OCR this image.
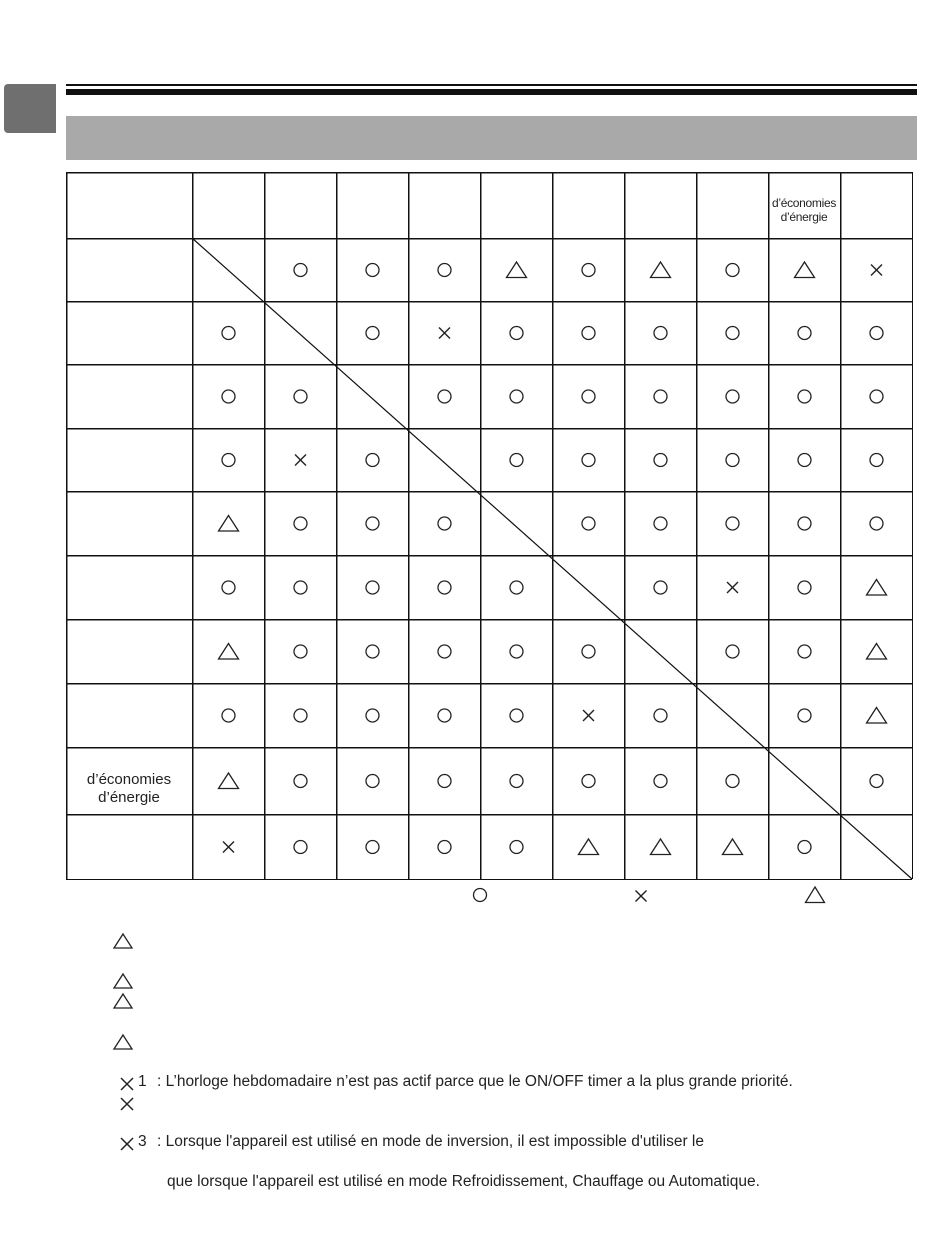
d’économies
d’énergie
d’économies
d’énergie
1 : L’horloge hebdomadaire n’est pas actif parce que le ON/OFF timer a la plus grande priorité.
3 : Lorsque l'appareil est utilisé en mode de inversion, il est impossible d'utiliser le
que lorsque l'appareil est utilisé en mode Refroidissement, Chauffage ou Automatique.
